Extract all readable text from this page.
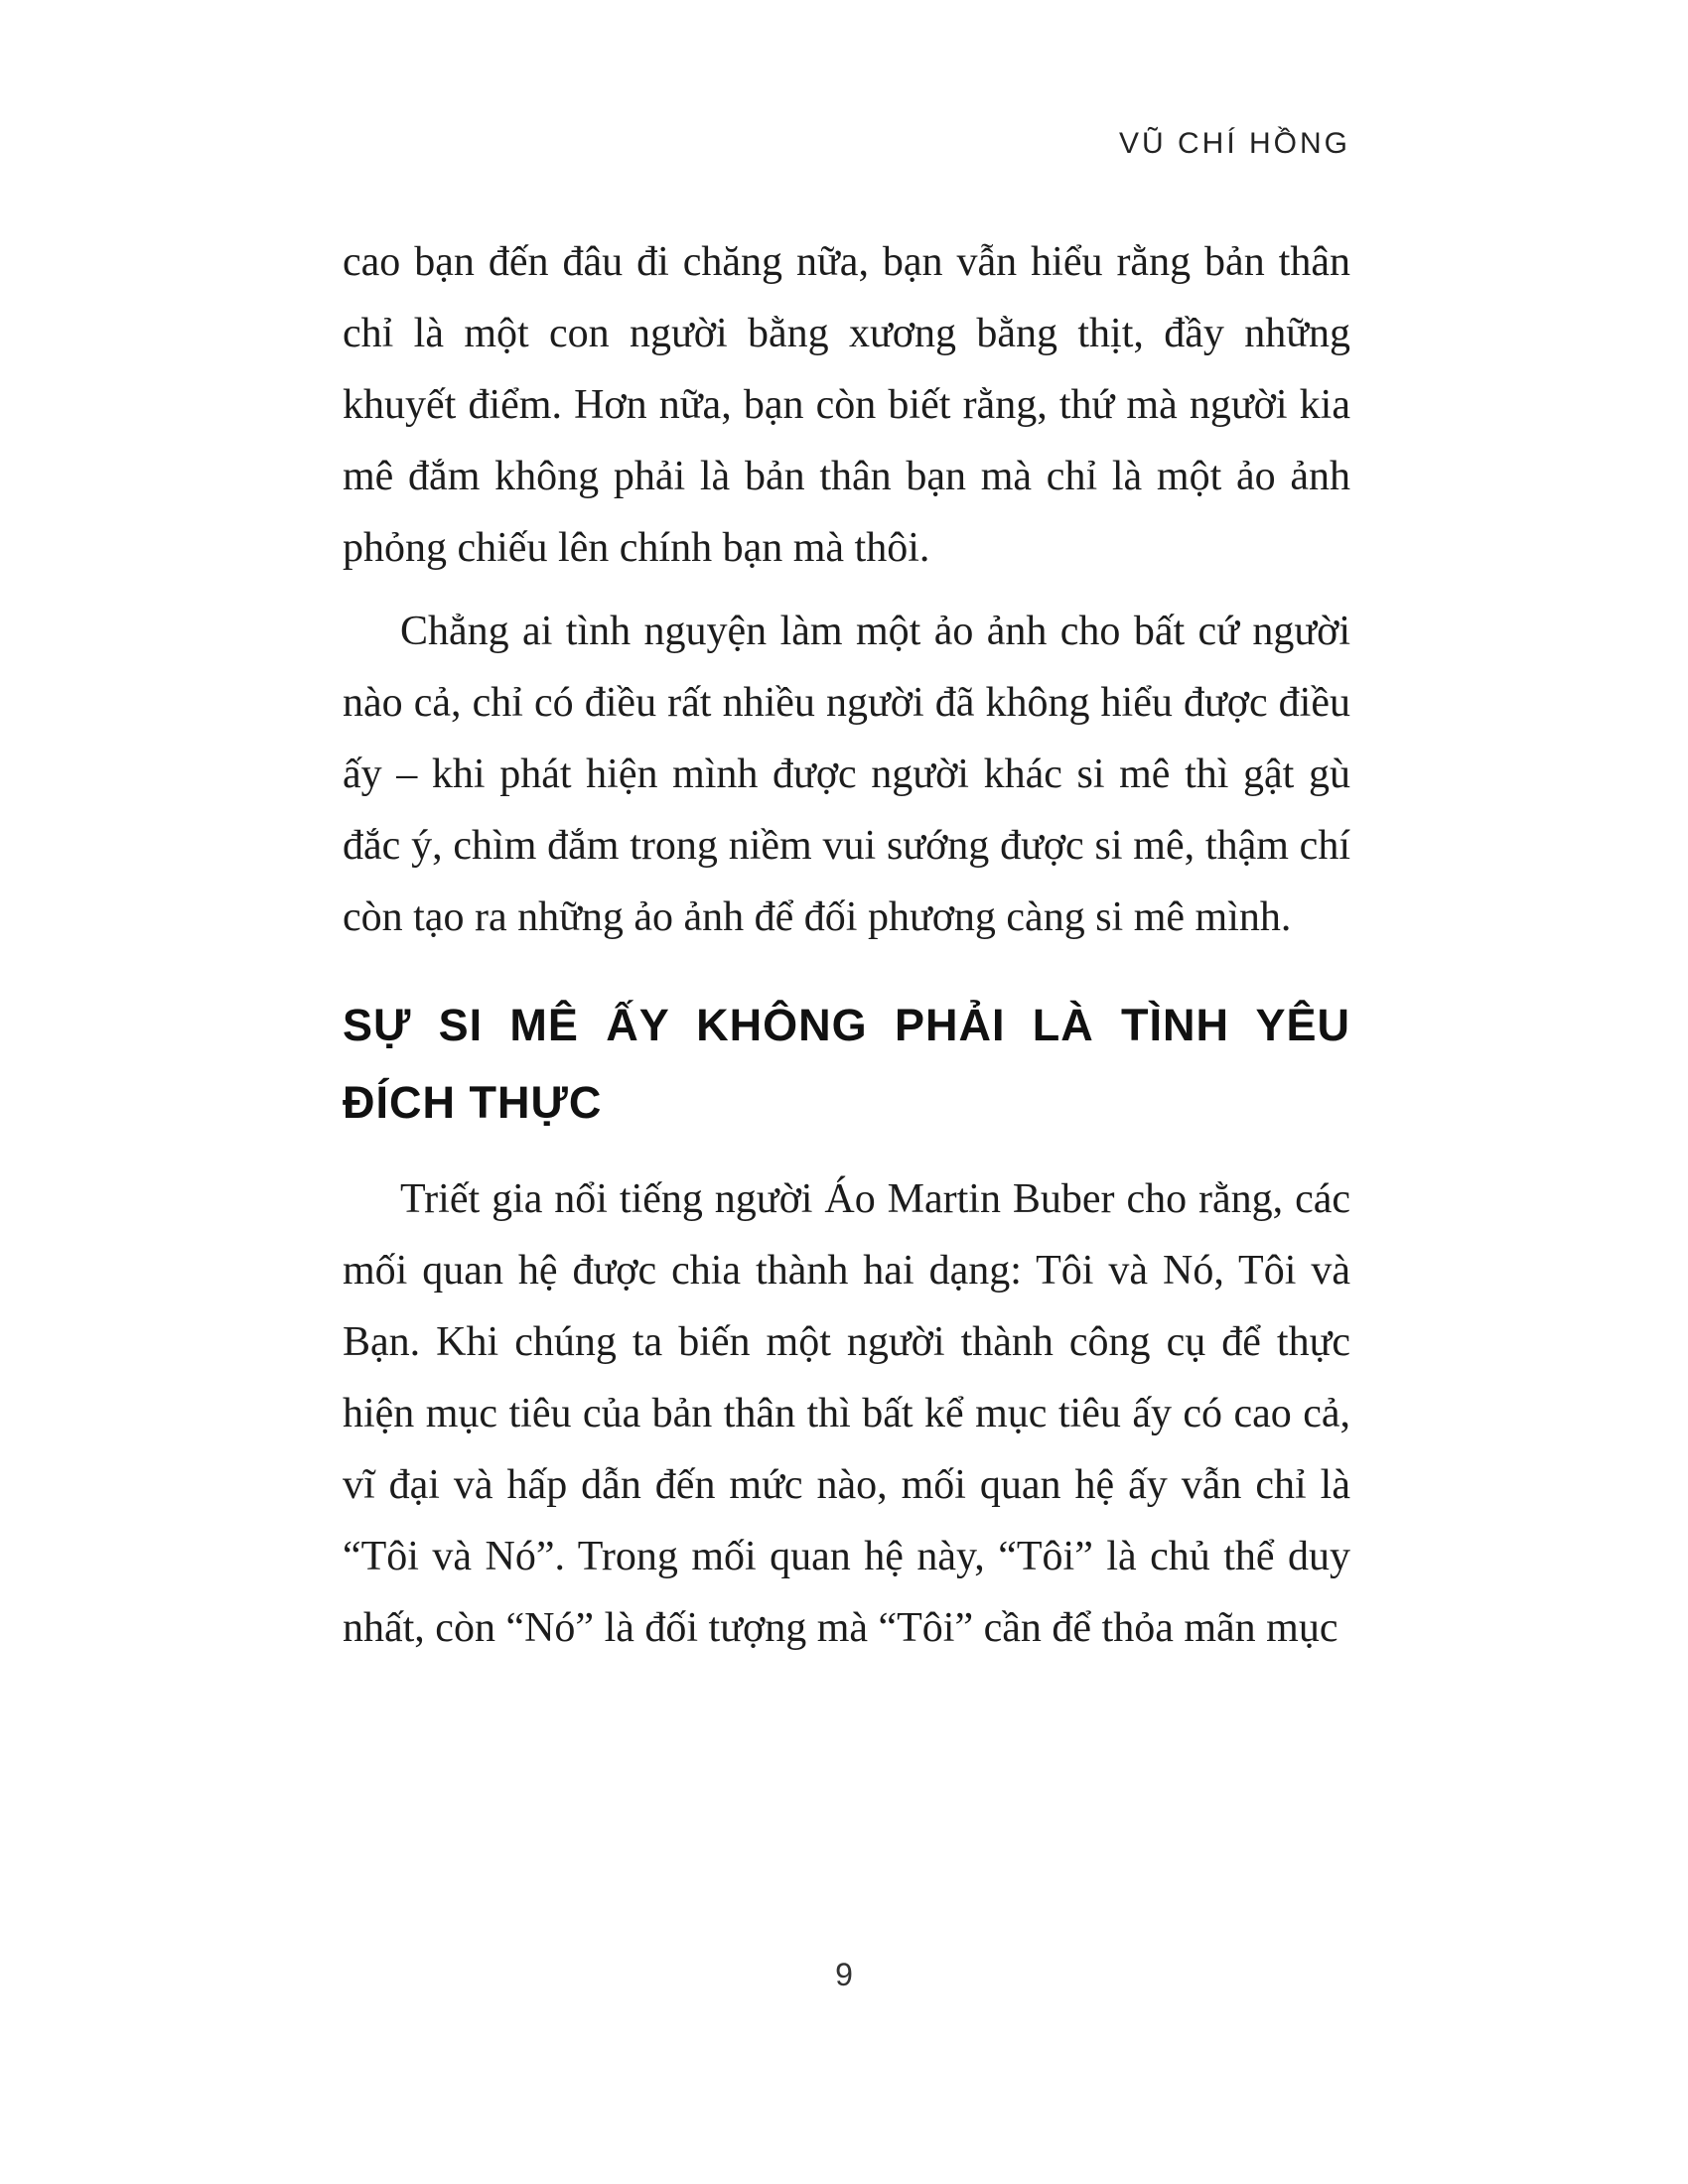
VŨ CHÍ HỒNG

cao bạn đến đâu đi chăng nữa, bạn vẫn hiểu rằng bản thân chỉ là một con người bằng xương bằng thịt, đầy những khuyết điểm. Hơn nữa, bạn còn biết rằng, thứ mà người kia mê đắm không phải là bản thân bạn mà chỉ là một ảo ảnh phỏng chiếu lên chính bạn mà thôi.

Chẳng ai tình nguyện làm một ảo ảnh cho bất cứ người nào cả, chỉ có điều rất nhiều người đã không hiểu được điều ấy – khi phát hiện mình được người khác si mê thì gật gù đắc ý, chìm đắm trong niềm vui sướng được si mê, thậm chí còn tạo ra những ảo ảnh để đối phương càng si mê mình.

SỰ SI MÊ ẤY KHÔNG PHẢI LÀ TÌNH YÊU ĐÍCH THỰC

Triết gia nổi tiếng người Áo Martin Buber cho rằng, các mối quan hệ được chia thành hai dạng: Tôi và Nó, Tôi và Bạn. Khi chúng ta biến một người thành công cụ để thực hiện mục tiêu của bản thân thì bất kể mục tiêu ấy có cao cả, vĩ đại và hấp dẫn đến mức nào, mối quan hệ ấy vẫn chỉ là “Tôi và Nó”. Trong mối quan hệ này, “Tôi” là chủ thể duy nhất, còn “Nó” là đối tượng mà “Tôi” cần để thỏa mãn mục

9
